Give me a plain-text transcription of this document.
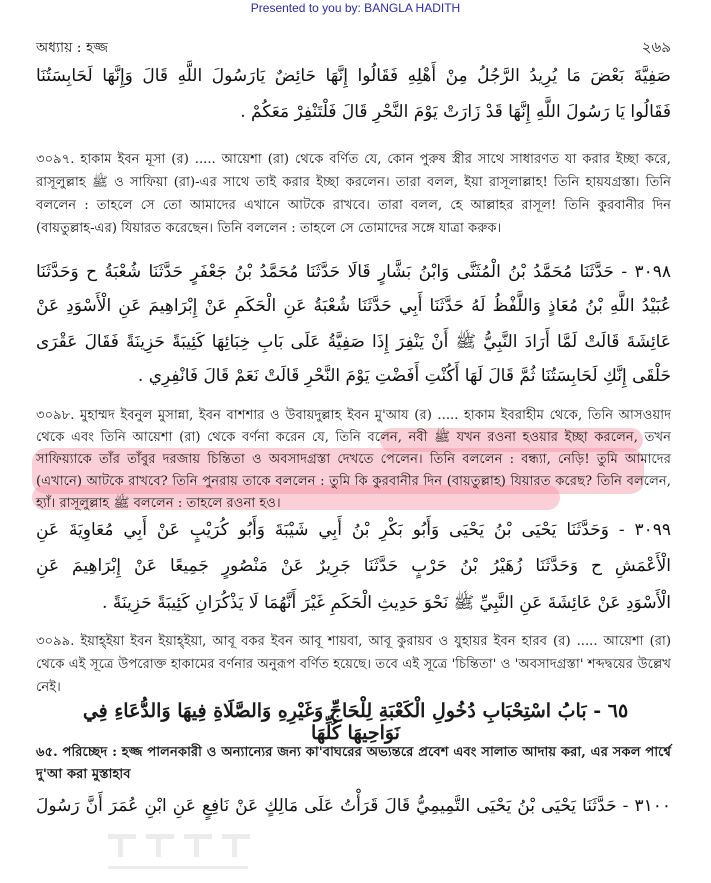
Presented to you by: BANGLA HADITH
অধ্যায় : হজ্জ	২৬৯
صَفِيَّةَ بَعْضَ مَا يُرِيدُ الرَّجُلُ مِنْ أَهْلِهِ فَقَالُوا إِنَّهَا حَائِضٌ يَارَسُولَ اللَّهِ قَالَ وَإِنَّهَا لَحَابِسَتُنَا
فَقَالُوا يَا رَسُولَ اللَّهِ إِنَّهَا قَدْ زَارَتْ يَوْمَ النَّحْرِ قَالَ فَلْتَنْفِرْ مَعَكُمْ .
৩০৯৭. হাকাম ইবন মূসা (র) ..... আয়েশা (রা) থেকে বর্ণিত যে, কোন পুরুষ স্ত্রীর সাথে সাধারণত যা করার ইচ্ছা করে, রাসূলুল্লাহ ﷺ ও সাফিয়া (রা)-এর সাথে তাই করার ইচ্ছা করলেন। তারা বলল, ইয়া রাসূলাল্লাহ! তিনি হায়যগ্রস্তা। তিনি বললেন : তাহলে সে তো আমাদের এখানে আটকে রাখবে। তারা বলল, হে আল্লাহর রাসূল! তিনি কুরবানীর দিন (বায়তুল্লাহ-এর) যিয়ারত করেছেন। তিনি বললেন : তাহলে সে তোমাদের সঙ্গে যাত্রা করুক।
٣٠٩٨ - حَدَّثَنَا مُحَمَّدُ بْنُ الْمُثَنَّى وَابْنُ بَشَّارٍ قَالَا حَدَّثَنَا مُحَمَّدُ بْنُ جَعْفَرٍ حَدَّثَنَا شُعْبَةُ ح وَحَدَّثَنَا
عُبَيْدُ اللَّهِ بْنُ مُعَاذٍ وَاللَّفْظُ لَهُ حَدَّثَنَا أَبِي حَدَّثَنَا شُعْبَةُ عَنِ الْحَكَمِ عَنْ إِبْرَاهِيمَ عَنِ الْأَسْوَدِ عَنْ
عَائِشَةَ قَالَتْ لَمَّا أَرَادَ النَّبِيُّ ﷺ أَنْ يَنْفِرَ إِذَا صَفِيَّةُ عَلَى بَابِ خِبَائِهَا كَئِيبَةً حَزِينَةً فَقَالَ عَقْرَى
حَلْقَى إِنَّكِ لَحَابِسَتُنَا ثُمَّ قَالَ لَهَا أَكُنْتِ أَفَضْتِ يَوْمَ النَّحْرِ قَالَتْ نَعَمْ قَالَ فَانْفِرِي .
৩০৯৮. মুহাম্মদ ইবনুল মুসান্না, ইবন বাশশার ও উবায়দুল্লাহ ইবন মু'আয (র) ..... হাকাম ইবরাহীম থেকে, তিনি আসওয়াদ থেকে এবং তিনি আয়েশা (রা) থেকে বর্ণনা করেন যে, তিনি বলেন, নবী ﷺ যখন রওনা হওয়ার ইচ্ছা করলেন, তখন সাফিয়্যাকে তাঁর তাঁবুর দরজায় চিন্তিতা ও অবসাদগ্রস্তা দেখতে পেলেন। তিনি বললেন : বন্ধ্যা, নেড়ি! তুমি আমাদের (এখানে) আটকে রাখবে? তিনি পুনরায় তাকে বললেন : তুমি কি কুরবানীর দিন (বায়তুল্লাহ) যিয়ারত করেছ? তিনি বললেন, হ্যাঁ। রাসূলুল্লাহ ﷺ বললেন : তাহলে রওনা হও।
٣٠٩٩ - وَحَدَّثَنَا يَحْيَى بْنُ يَحْيَى وَأَبُو بَكْرِ بْنُ أَبِي شَيْبَةَ وَأَبُو كُرَيْبٍ عَنْ أَبِي مُعَاوِيَةَ عَنِ
الْأَعْمَشِ ح وَحَدَّثَنَا زُهَيْرُ بْنُ حَرْبٍ حَدَّثَنَا جَرِيرٌ عَنْ مَنْصُورٍ جَمِيعًا عَنْ إِبْرَاهِيمَ عَنِ
الْأَسْوَدِ عَنْ عَائِشَةَ عَنِ النَّبِيِّ ﷺ نَحْوَ حَدِيثِ الْحَكَمِ غَيْرَ أَنَّهُمَا لَا يَذْكُرَانِ كَئِيبَةً حَزِينَةً .
৩০৯৯. ইয়াহ্ইয়া ইবন ইয়াহ্ইয়া, আবূ বকর ইবন আবূ শায়বা, আবূ কুরায়ব ও যুহায়র ইবন হারব (র) ..... আয়েশা (রা) থেকে এই সূত্রে উপরোক্ত হাকামের বর্ণনার অনুরূপ বর্ণিত হয়েছে। তবে এই সূত্রে 'চিন্তিতা' ও 'অবসাদগ্রস্তা' শব্দদ্বয়ের উল্লেখ নেই।
٦٥ - بَابُ اسْتِحْبَابِ دُخُولِ الْكَعْبَةِ لِلْحَاجِّ وَغَيْرِهِ وَالصَّلَاةِ فِيهَا وَالدُّعَاءِ فِي نَوَاحِيهَا كُلِّهَا
৬৫. পরিচ্ছেদ : হজ্জ পালনকারী ও অন্যান্যের জন্য কা'বাঘরের অভ্যন্তরে প্রবেশ এবং সালাত আদায় করা, এর সকল পার্শ্বে দু'আ করা মুস্তাহাব
٣١٠٠ - حَدَّثَنَا يَحْيَى بْنُ يَحْيَى التَّمِيمِيُّ قَالَ قَرَأْتُ عَلَى مَالِكٍ عَنْ نَافِعٍ عَنِ ابْنِ عُمَرَ أَنَّ رَسُولَ
